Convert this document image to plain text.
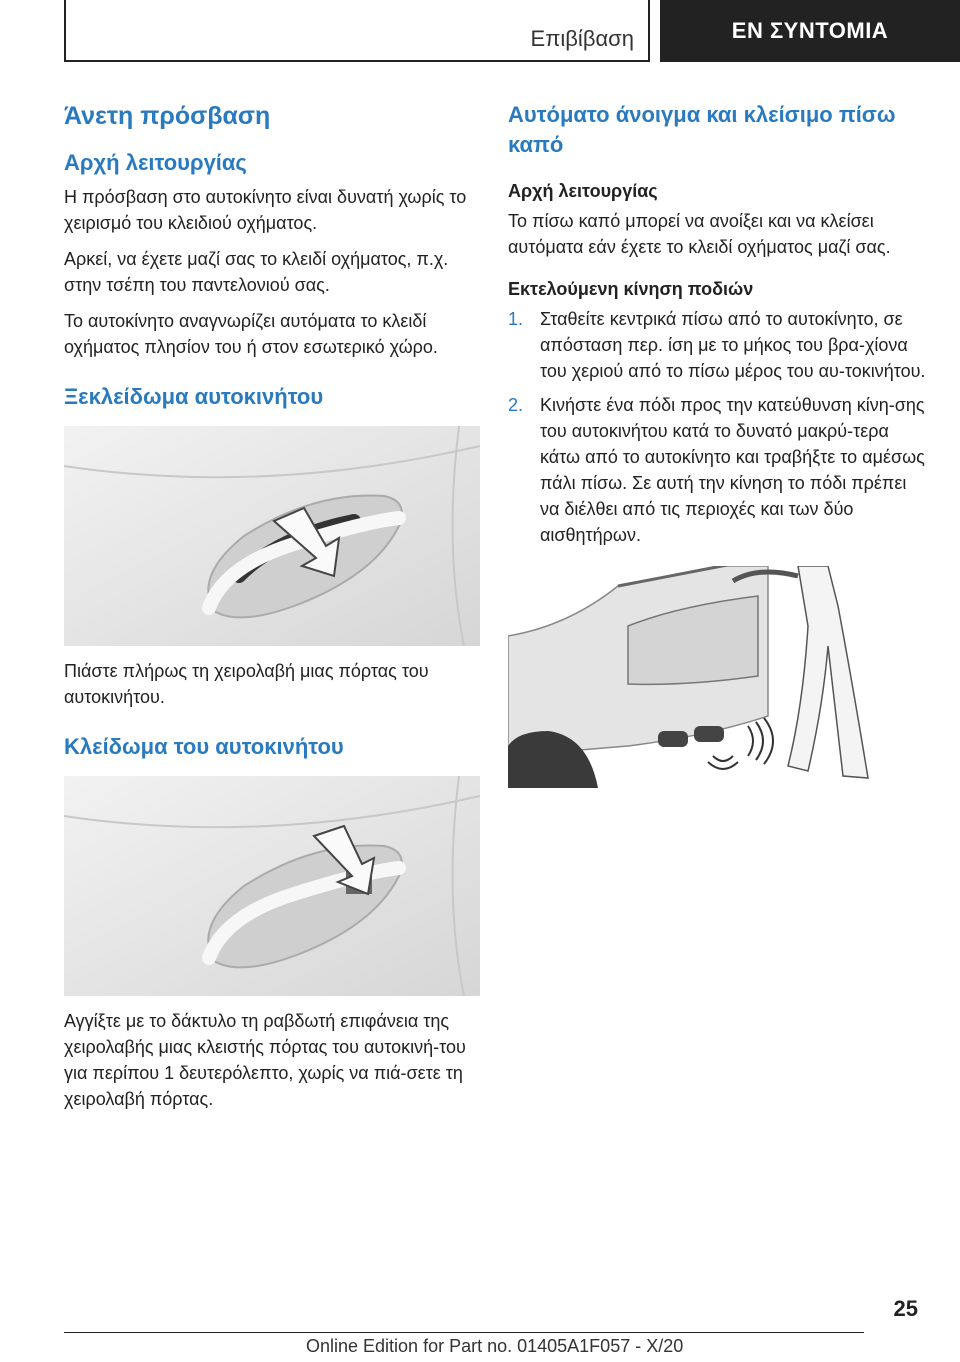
Επιβίβαση	EN ΣΥΝΤΟΜΙΑ
Άνετη πρόσβαση
Αρχή λειτουργίας

Η πρόσβαση στο αυτοκίνητο είναι δυνατή χωρίς το χειρισμό του κλειδιού οχήματος.

Αρκεί, να έχετε μαζί σας το κλειδί οχήματος, π.χ. στην τσέπη του παντελονιού σας.

Το αυτοκίνητο αναγνωρίζει αυτόματα το κλειδί οχήματος πλησίον του ή στον εσωτερικό χώρο.

Ξεκλείδωμα αυτοκινήτου

Πιάστε πλήρως τη χειρολαβή μιας πόρτας του αυτοκινήτου.

Κλείδωμα του αυτοκινήτου

Αγγίξτε με το δάκτυλο τη ραβδωτή επιφάνεια της χειρολαβής μιας κλειστής πόρτας του αυτοκινή-του για περίπου 1 δευτερόλεπτο, χωρίς να πιά-σετε τη χειρολαβή πόρτας.

Αυτόματο άνοιγμα και κλείσιμο πίσω καπό
Αρχή λειτουργίας

Το πίσω καπό μπορεί να ανοίξει και να κλείσει αυτόματα εάν έχετε το κλειδί οχήματος μαζί σας.

Εκτελούμενη κίνηση ποδιών
1. Σταθείτε κεντρικά πίσω από το αυτοκίνητο, σε απόσταση περ. ίση με το μήκος του βρα-χίονα του χεριού από το πίσω μέρος του αυ-τοκινήτου.
2. Κινήστε ένα πόδι προς την κατεύθυνση κίνη-σης του αυτοκινήτου κατά το δυνατό μακρύ-τερα κάτω από το αυτοκίνητο και τραβήξτε το αμέσως πάλι πίσω. Σε αυτή την κίνηση το πόδι πρέπει να διέλθει από τις περιοχές και των δύο αισθητήρων.
25
Online Edition for Part no. 01405A1F057 - X/20
